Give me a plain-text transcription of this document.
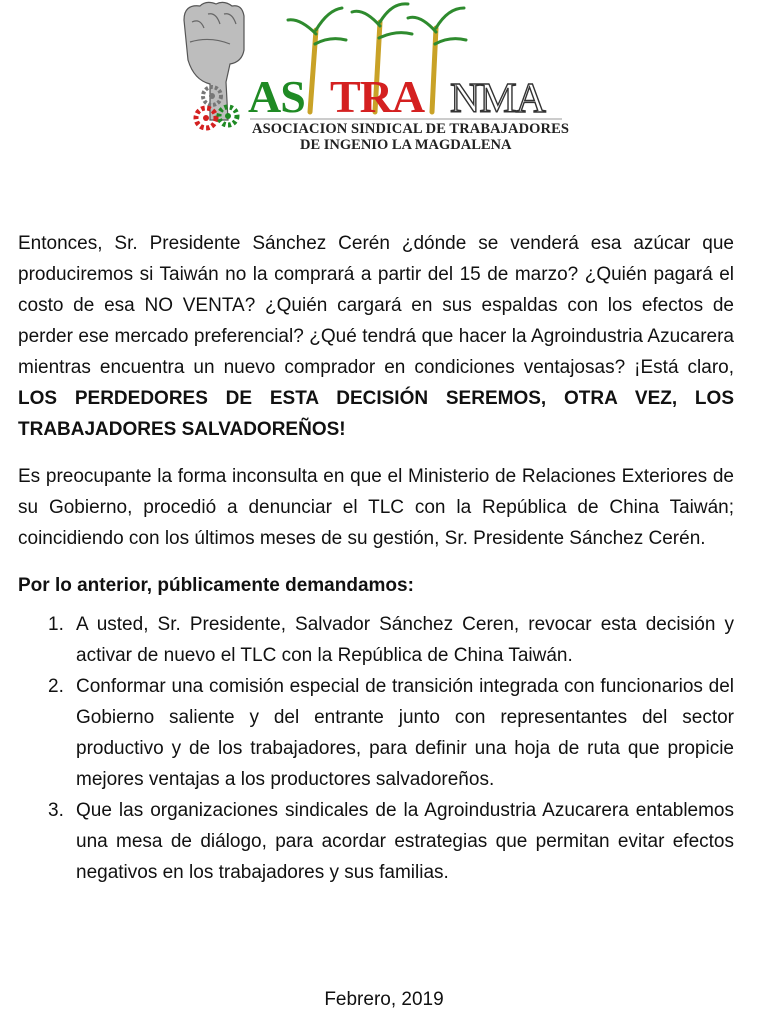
AS TRA NMA
ASOCIACION SINDICAL DE TRABAJADORES
DE INGENIO LA MAGDALENA

Entonces, Sr. Presidente Sánchez Cerén ¿dónde se venderá esa azúcar que produciremos si Taiwán no la comprará a partir del 15 de marzo? ¿Quién pagará el costo de esa NO VENTA? ¿Quién cargará en sus espaldas con los efectos de perder ese mercado preferencial? ¿Qué tendrá que hacer la Agroindustria Azucarera mientras encuentra un nuevo comprador en condiciones ventajosas? ¡Está claro, LOS PERDEDORES DE ESTA DECISIÓN SEREMOS, OTRA VEZ, LOS TRABAJADORES SALVADOREÑOS!

Es preocupante la forma inconsulta en que el Ministerio de Relaciones Exteriores de su Gobierno, procedió a denunciar el TLC con la República de China Taiwán; coincidiendo con los últimos meses de su gestión, Sr. Presidente Sánchez Cerén.

Por lo anterior, públicamente demandamos:

1. A usted, Sr. Presidente, Salvador Sánchez Ceren, revocar esta decisión y activar de nuevo el TLC con la República de China Taiwán.
2. Conformar una comisión especial de transición integrada con funcionarios del Gobierno saliente y del entrante junto con representantes del sector productivo y de los trabajadores, para definir una hoja de ruta que propicie mejores ventajas a los productores salvadoreños.
3. Que las organizaciones sindicales de la Agroindustria Azucarera entablemos una mesa de diálogo, para acordar estrategias que permitan evitar efectos negativos en los trabajadores y sus familias.
Febrero, 2019
